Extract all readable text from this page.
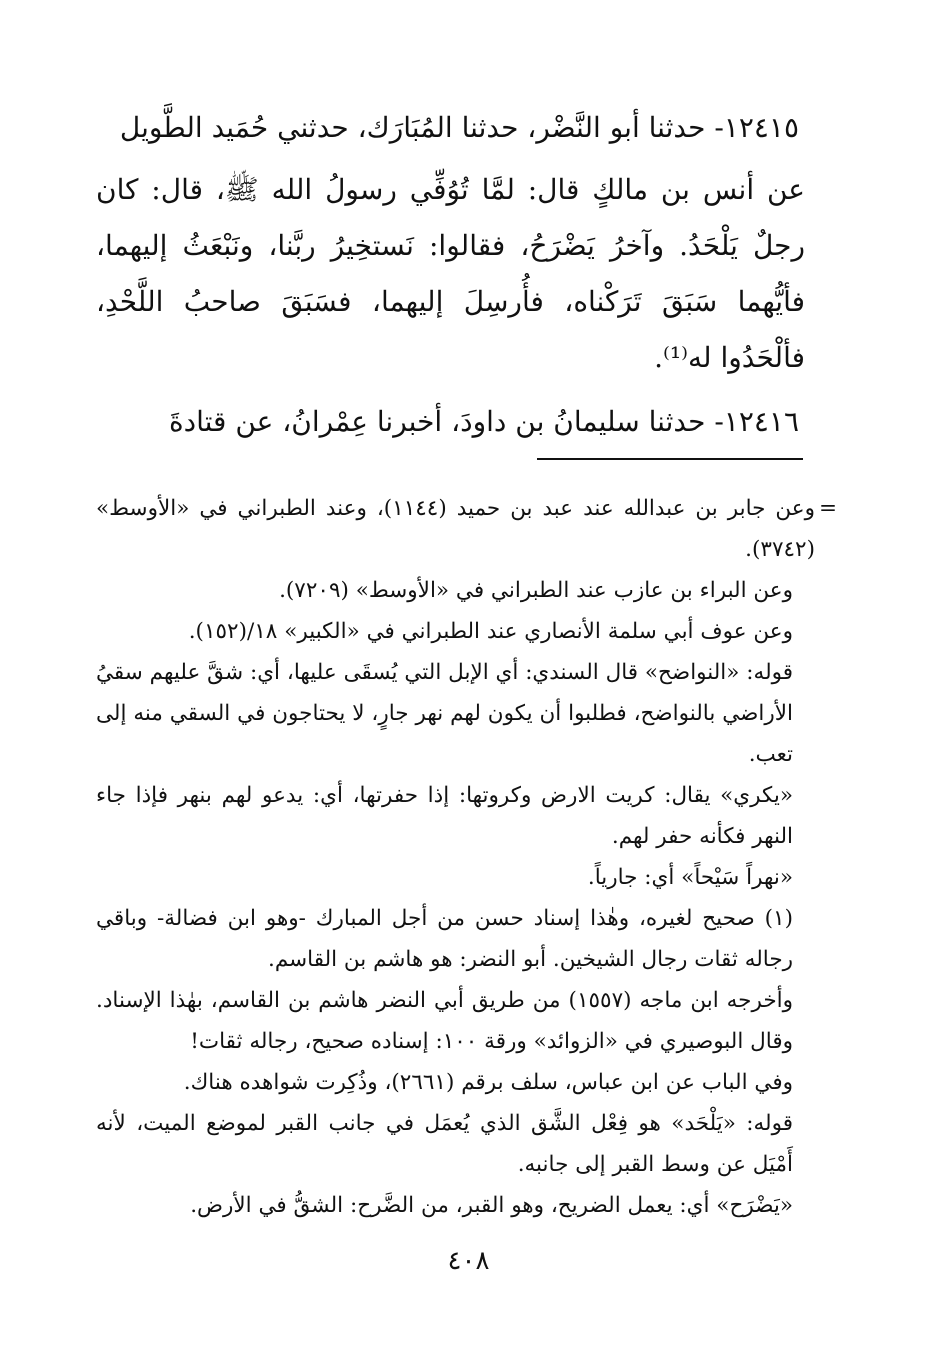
١٢٤١٥- حدثنا أبو النَّضْر، حدثنا المُبَارَك، حدثني حُمَيد الطَّويل

عن أنس بن مالكٍ قال: لمَّا تُوُفِّي رسولُ الله ﷺ، قال: كان رجلٌ يَلْحَدُ. وآخرُ يَضْرَحُ، فقالوا: نَستخِيرُ ربَّنا، ونَبْعَثُ إليهما، فأيُّهما سَبَقَ تَرَكْناه، فأُرسِلَ إليهما، فسَبَقَ صاحبُ اللَّحْدِ، فألْحَدُوا له⁽¹⁾.

١٢٤١٦- حدثنا سليمانُ بن داودَ، أخبرنا عِمْرانُ، عن قتادةَ

=
وعن جابر بن عبدالله عند عبد بن حميد (١١٤٤)، وعند الطبراني في «الأوسط» (٣٧٤٢).

وعن البراء بن عازب عند الطبراني في «الأوسط» (٧٢٠٩).

وعن عوف أبي سلمة الأنصاري عند الطبراني في «الكبير» ١٨/(١٥٢).

قوله: «النواضح» قال السندي: أي الإبل التي يُسقَى عليها، أي: شقَّ عليهم سقيُ الأراضي بالنواضح، فطلبوا أن يكون لهم نهر جارٍ، لا يحتاجون في السقي منه إلى تعب.

«يكري» يقال: كريت الارض وكروتها: إذا حفرتها، أي: يدعو لهم بنهر فإذا جاء النهر فكأنه حفر لهم.

«نهراً سَيْحاً» أي: جارياً.

(١) صحيح لغيره، وهٰذا إسناد حسن من أجل المبارك -وهو ابن فضالة- وباقي رجاله ثقات رجال الشيخين. أبو النضر: هو هاشم بن القاسم.

وأخرجه ابن ماجه (١٥٥٧) من طريق أبي النضر هاشم بن القاسم، بهٰذا الإسناد. وقال البوصيري في «الزوائد» ورقة ١٠٠: إسناده صحيح، رجاله ثقات!

وفي الباب عن ابن عباس، سلف برقم (٢٦٦١)، وذُكِرت شواهده هناك.

قوله: «يَلْحَد» هو فِعْل الشَّق الذي يُعمَل في جانب القبر لموضع الميت، لأنه أَمْيَل عن وسط القبر إلى جانبه.

«يَضْرَح» أي: يعمل الضريح، وهو القبر، من الضَّرح: الشقُّ في الأرض.

٤٠٨
